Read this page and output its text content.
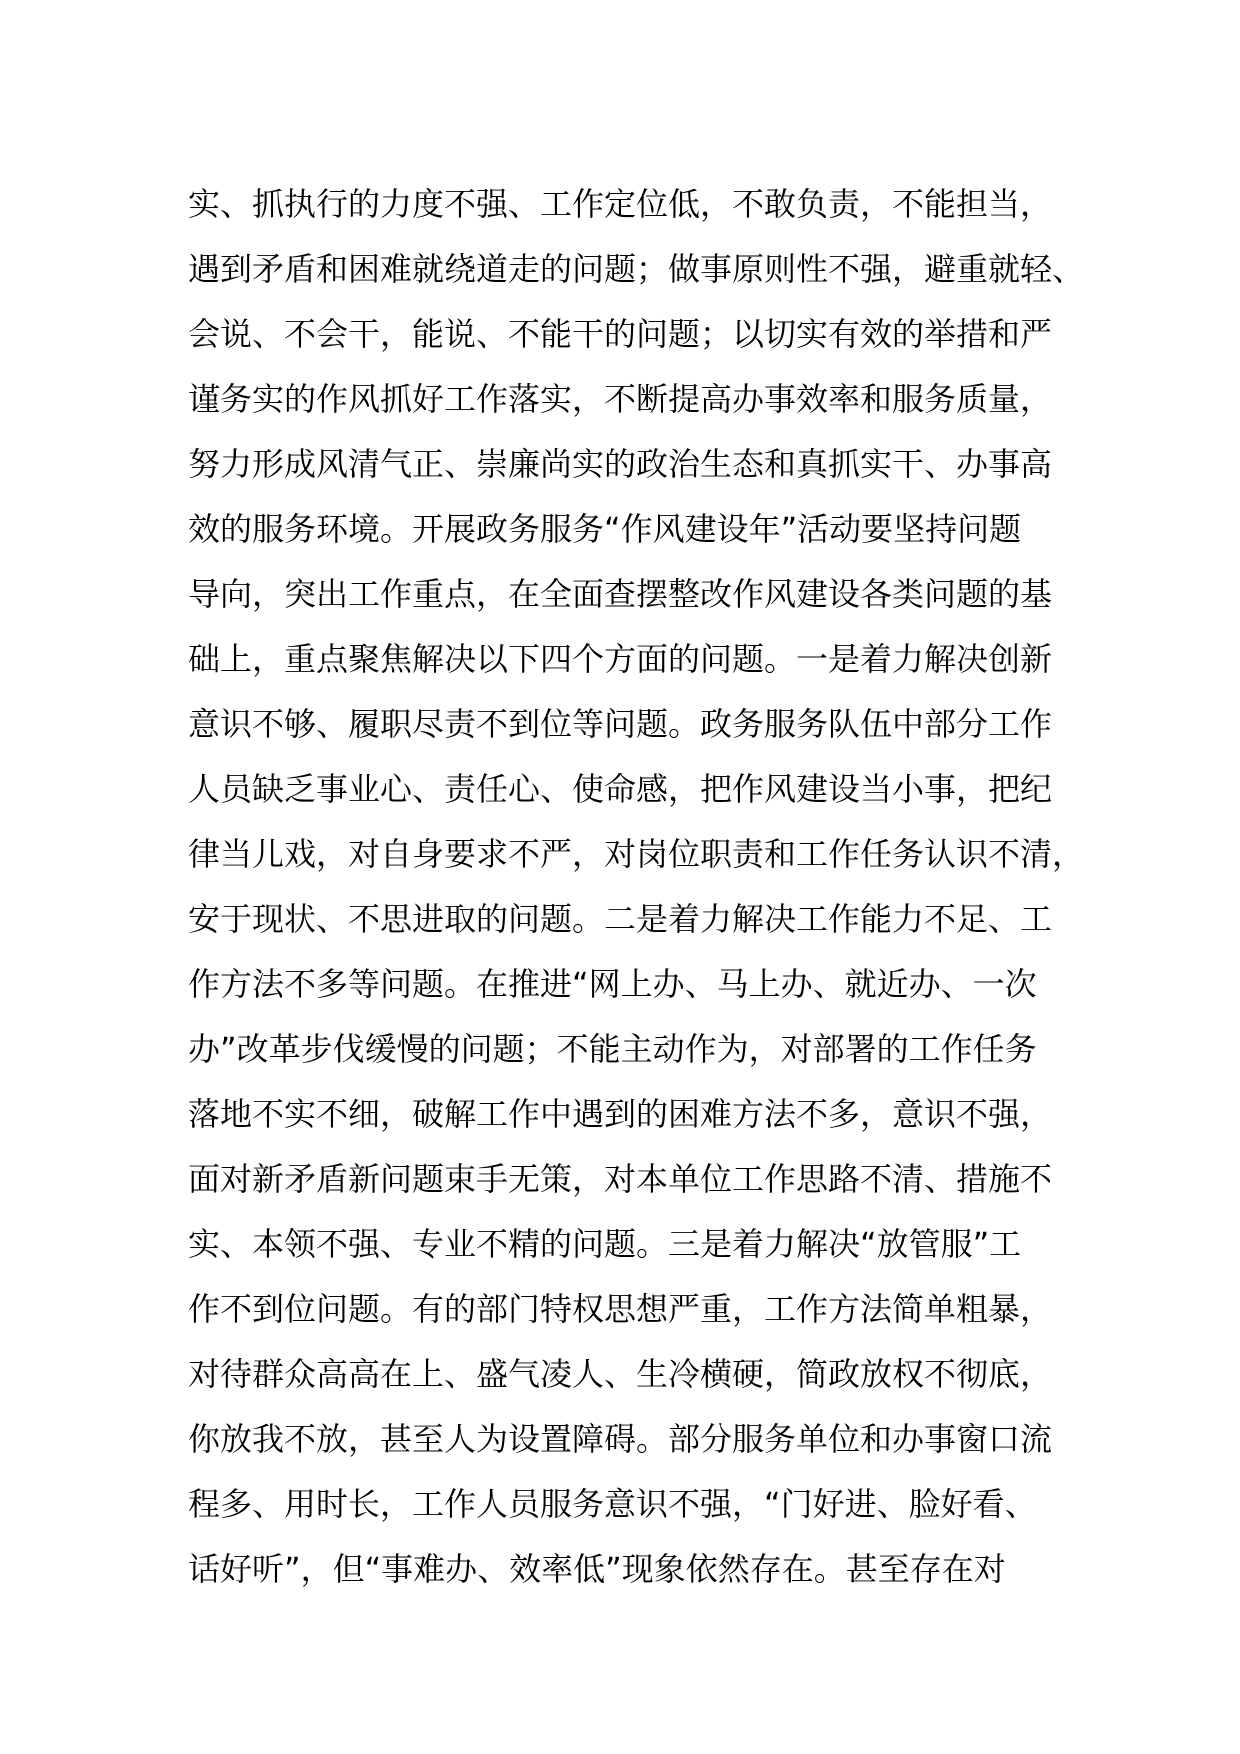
实、抓执行的力度不强、工作定位低，不敢负责，不能担当，
遇到矛盾和困难就绕道走的问题；做事原则性不强，避重就轻、
会说、不会干，能说、不能干的问题；以切实有效的举措和严
谨务实的作风抓好工作落实，不断提高办事效率和服务质量，
努力形成风清气正、崇廉尚实的政治生态和真抓实干、办事高
效的服务环境。开展政务服务“作风建设年”活动要坚持问题
导向，突出工作重点，在全面查摆整改作风建设各类问题的基
础上，重点聚焦解决以下四个方面的问题。一是着力解决创新
意识不够、履职尽责不到位等问题。政务服务队伍中部分工作
人员缺乏事业心、责任心、使命感，把作风建设当小事，把纪
律当儿戏，对自身要求不严，对岗位职责和工作任务认识不清，
安于现状、不思进取的问题。二是着力解决工作能力不足、工
作方法不多等问题。在推进“网上办、马上办、就近办、一次
办”改革步伐缓慢的问题；不能主动作为，对部署的工作任务
落地不实不细，破解工作中遇到的困难方法不多，意识不强，
面对新矛盾新问题束手无策，对本单位工作思路不清、措施不
实、本领不强、专业不精的问题。三是着力解决“放管服”工
作不到位问题。有的部门特权思想严重，工作方法简单粗暴，
对待群众高高在上、盛气凌人、生冷横硬，简政放权不彻底，
你放我不放，甚至人为设置障碍。部分服务单位和办事窗口流
程多、用时长，工作人员服务意识不强，“门好进、脸好看、
话好听”，但“事难办、效率低”现象依然存在。甚至存在对
